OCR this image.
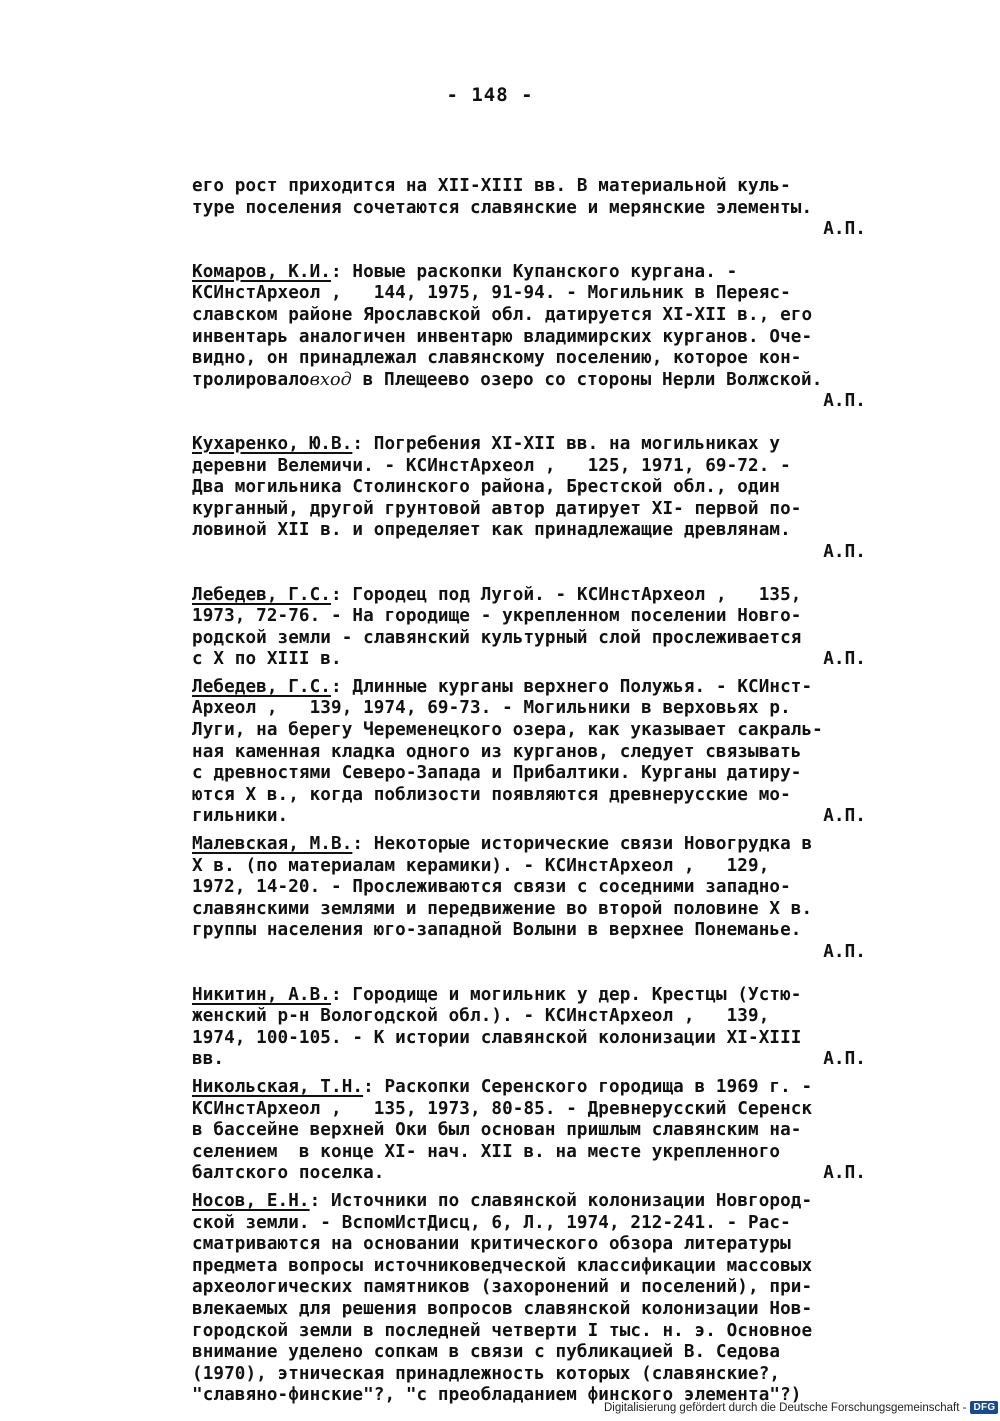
- 148 -
его рост приходится на XII-XIII вв. В материальной куль-
туре поселения сочетаются славянские и мерянские элементы.
А.П.
Комаров, К.И.: Новые раскопки Купанского кургана. -
КСИнстАрхеол ,   144, 1975, 91-94. - Могильник в Переяс-
славском районе Ярославской обл. датируется XI-XII в., его
инвентарь аналогичен инвентарю владимирских курганов. Оче-
видно, он принадлежал славянскому поселению, которое кон-
тролироваловход в Плещеево озеро со стороны Нерли Волжской.
А.П.
Кухаренко, Ю.В.: Погребения XI-XII вв. на могильниках у
деревни Велемичи. - КСИнстАрхеол ,   125, 1971, 69-72. -
Два могильника Столинского района, Брестской обл., один
курганный, другой грунтовой автор датирует XI- первой по-
ловиной XII в. и определяет как принадлежащие древлянам.
А.П.
Лебедев, Г.С.: Городец под Лугой. - КСИнстАрхеол ,   135,
1973, 72-76. - На городище - укрепленном поселении Новго-
родской земли - славянский культурный слой прослеживается
с X по XIII в.	А.П.
Лебедев, Г.С.: Длинные курганы верхнего Полужья. - КСИнст-
Археол ,   139, 1974, 69-73. - Могильники в верховьях р.
Луги, на берегу Череменецкого озера, как указывает сакраль-
ная каменная кладка одного из курганов, следует связывать
с древностями Северо-Запада и Прибалтики. Курганы датиру-
ются X в., когда поблизости появляются древнерусские мо-
гильники.	А.П.
Малевская, М.В.: Некоторые исторические связи Новогрудка в
X в. (по материалам керамики). - КСИнстАрхеол ,   129,
1972, 14-20. - Прослеживаются связи с соседними западно-
славянскими землями и передвижение во второй половине X в.
группы населения юго-западной Волыни в верхнее Понеманье.
А.П.
Никитин, А.В.: Городище и могильник у дер. Крестцы (Устю-
женский р-н Вологодской обл.). - КСИнстАрхеол ,   139,
1974, 100-105. - К истории славянской колонизации XI-XIII
вв.	А.П.
Никольская, Т.Н.: Раскопки Серенского городища в 1969 г. -
КСИнстАрхеол ,   135, 1973, 80-85. - Древнерусский Серенск
в бассейне верхней Оки был основан пришлым славянским на-
селением  в конце XI- нач. XII в. на месте укрепленного
балтского поселка.	А.П.
Носов, Е.Н.: Источники по славянской колонизации Новгород-
ской земли. - ВспомИстДисц, 6, Л., 1974, 212-241. - Рас-
сматриваются на основании критического обзора литературы
предмета вопросы источниковедческой классификации массовых
археологических памятников (захоронений и поселений), при-
влекаемых для решения вопросов славянской колонизации Нов-
городской земли в последней четверти I тыс. н. э. Основное
внимание уделено сопкам в связи с публикацией В. Седова
(1970), этническая принадлежность которых (славянские?,
"славяно-финские"?, "с преобладанием финского элемента"?)
Digitalisierung gefördert durch die Deutsche Forschungsgemeinschaft - DFG
